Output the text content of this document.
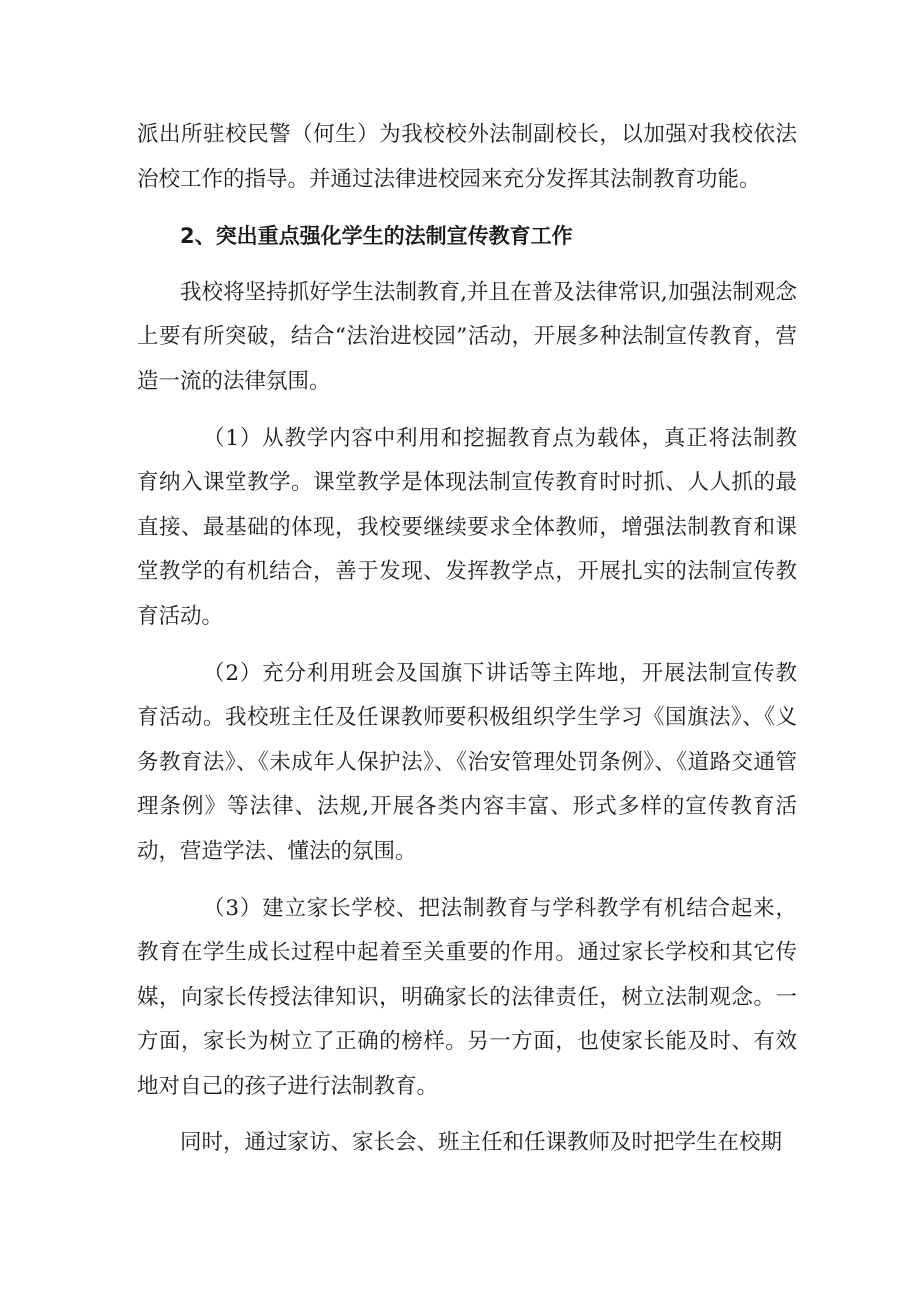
派出所驻校民警（何生）为我校校外法制副校长，以加强对我校依法治校工作的指导。并通过法律进校园来充分发挥其法制教育功能。

2、突出重点强化学生的法制宣传教育工作

我校将坚持抓好学生法制教育,并且在普及法律常识,加强法制观念上要有所突破，结合“法治进校园”活动，开展多种法制宣传教育，营造一流的法律氛围。

（1）从教学内容中利用和挖掘教育点为载体，真正将法制教育纳入课堂教学。课堂教学是体现法制宣传教育时时抓、人人抓的最直接、最基础的体现，我校要继续要求全体教师，增强法制教育和课堂教学的有机结合，善于发现、发挥教学点，开展扎实的法制宣传教育活动。

（2）充分利用班会及国旗下讲话等主阵地，开展法制宣传教育活动。我校班主任及任课教师要积极组织学生学习《国旗法》、《义务教育法》、《未成年人保护法》、《治安管理处罚条例》、《道路交通管理条例》等法律、法规,开展各类内容丰富、形式多样的宣传教育活动，营造学法、懂法的氛围。

（3）建立家长学校、把法制教育与学科教学有机结合起来，教育在学生成长过程中起着至关重要的作用。通过家长学校和其它传媒，向家长传授法律知识，明确家长的法律责任，树立法制观念。一方面，家长为树立了正确的榜样。另一方面，也使家长能及时、有效地对自己的孩子进行法制教育。

同时，通过家访、家长会、班主任和任课教师及时把学生在校期
